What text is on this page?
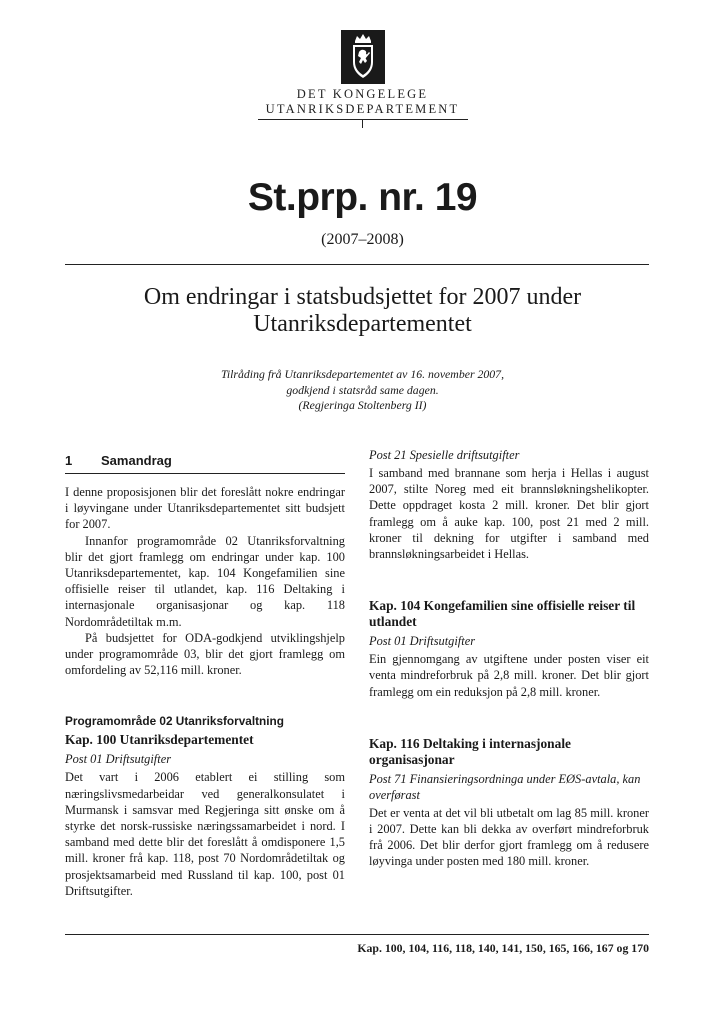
DET KONGELEGE
UTANRIKSDEPARTEMENT
St.prp. nr. 19
(2007–2008)
Om endringar i statsbudsjettet for 2007 under Utanriksdepartementet
Tilråding frå Utanriksdepartementet av 16. november 2007,
godkjend i statsråd same dagen.
(Regjeringa Stoltenberg II)
1 Samandrag

I denne proposisjonen blir det foreslått nokre endringar i løyvingane under Utanriksdepartementet sitt budsjett for 2007.

Innanfor programområde 02 Utanriksforvaltning blir det gjort framlegg om endringar under kap. 100 Utanriksdepartementet, kap. 104 Kongefamilien sine offisielle reiser til utlandet, kap. 116 Deltaking i internasjonale organisasjonar og kap. 118 Nordområdetiltak m.m.

På budsjettet for ODA-godkjend utviklingshjelp under programområde 03, blir det gjort framlegg om omfordeling av 52,116 mill. kroner.

Programområde 02 Utanriksforvaltning
Kap. 100 Utanriksdepartementet
Post 01 Driftsutgifter

Det vart i 2006 etablert ei stilling som næringslivsmedarbeidar ved generalkonsulatet i Murmansk i samsvar med Regjeringa sitt ønske om å styrke det norsk-russiske næringssamarbeidet i nord. I samband med dette blir det foreslått å omdisponere 1,5 mill. kroner frå kap. 118, post 70 Nordområdetiltak og prosjektsamarbeid med Russland til kap. 100, post 01 Driftsutgifter.

Post 21 Spesielle driftsutgifter

I samband med brannane som herja i Hellas i august 2007, stilte Noreg med eit brannsløkningshelikopter. Dette oppdraget kosta 2 mill. kroner. Det blir gjort framlegg om å auke kap. 100, post 21 med 2 mill. kroner til dekning for utgifter i samband med brannsløkningsarbeidet i Hellas.

Kap. 104 Kongefamilien sine offisielle reiser til utlandet
Post 01 Driftsutgifter

Ein gjennomgang av utgiftene under posten viser eit venta mindreforbruk på 2,8 mill. kroner. Det blir gjort framlegg om ein reduksjon på 2,8 mill. kroner.

Kap. 116 Deltaking i internasjonale organisasjonar
Post 71 Finansieringsordninga under EØS-avtala, kan overførast

Det er venta at det vil bli utbetalt om lag 85 mill. kroner i 2007. Dette kan bli dekka av overført mindreforbruk frå 2006. Det blir derfor gjort framlegg om å redusere løyvinga under posten med 180 mill. kroner.

Kap. 100, 104, 116, 118, 140, 141, 150, 165, 166, 167 og 170
